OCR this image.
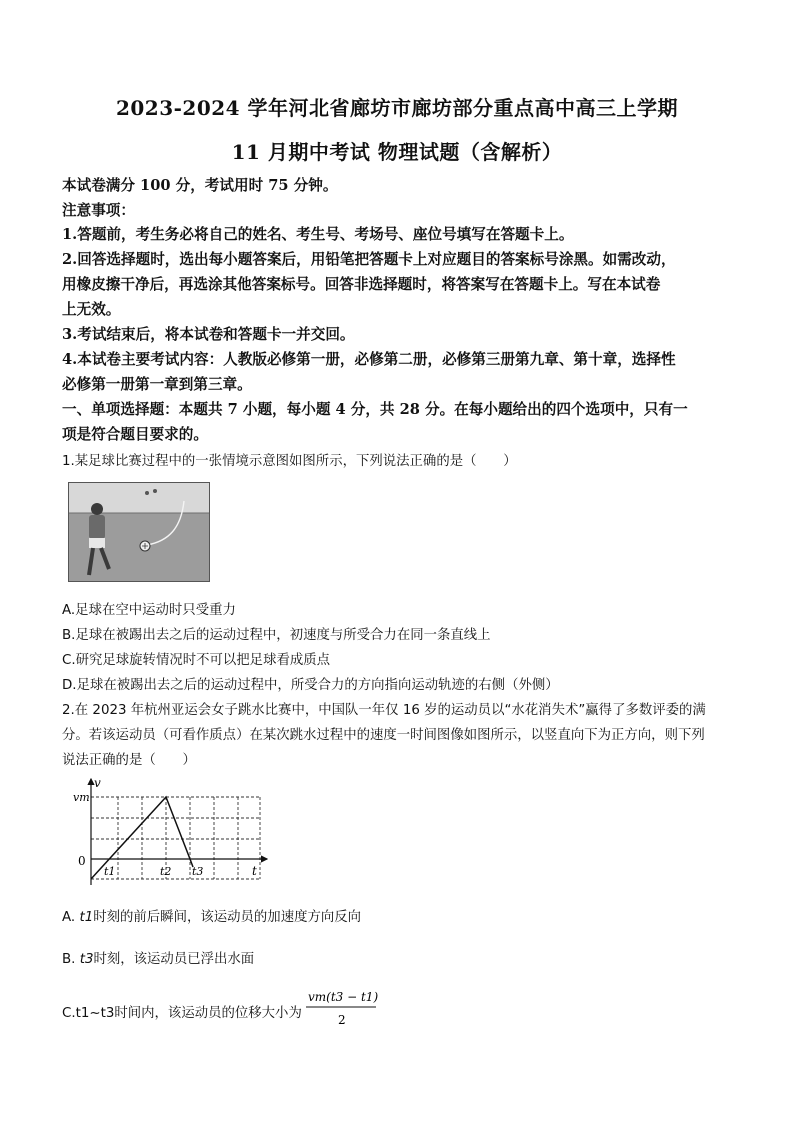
2023-2024 学年河北省廊坊市廊坊部分重点高中高三上学期
11 月期中考试 物理试题（含解析）
本试卷满分 100 分，考试用时 75 分钟。
注意事项：
1.答题前，考生务必将自己的姓名、考生号、考场号、座位号填写在答题卡上。
2.回答选择题时，选出每小题答案后，用铅笔把答题卡上对应题目的答案标号涂黑。如需改动，
用橡皮擦干净后，再选涂其他答案标号。回答非选择题时，将答案写在答题卡上。写在本试卷
上无效。
3.考试结束后，将本试卷和答题卡一并交回。
4.本试卷主要考试内容：人教版必修第一册，必修第二册，必修第三册第九章、第十章，选择性
必修第一册第一章到第三章。
一、单项选择题：本题共 7 小题，每小题 4 分，共 28 分。在每小题给出的四个选项中，只有一
项是符合题目要求的。
1.某足球比赛过程中的一张情境示意图如图所示，下列说法正确的是（　　）
A.足球在空中运动时只受重力
B.足球在被踢出去之后的运动过程中，初速度与所受合力在同一条直线上
C.研究足球旋转情况时不可以把足球看成质点
D.足球在被踢出去之后的运动过程中，所受合力的方向指向运动轨迹的右侧（外侧）
2.在 2023 年杭州亚运会女子跳水比赛中，中国队一年仅 16 岁的运动员以“水花消失术”赢得了多数评委的满
分。若该运动员（可看作质点）在某次跳水过程中的速度一时间图像如图所示，以竖直向下为正方向，则下列
说法正确的是（　　）
v
vm
0
t1	t2 t3	t
A. t1时刻的前后瞬间，该运动员的加速度方向反向
B. t3时刻，该运动员已浮出水面
C.t1~t3时间内，该运动员的位移大小为
vm(t3 − t1)
2
